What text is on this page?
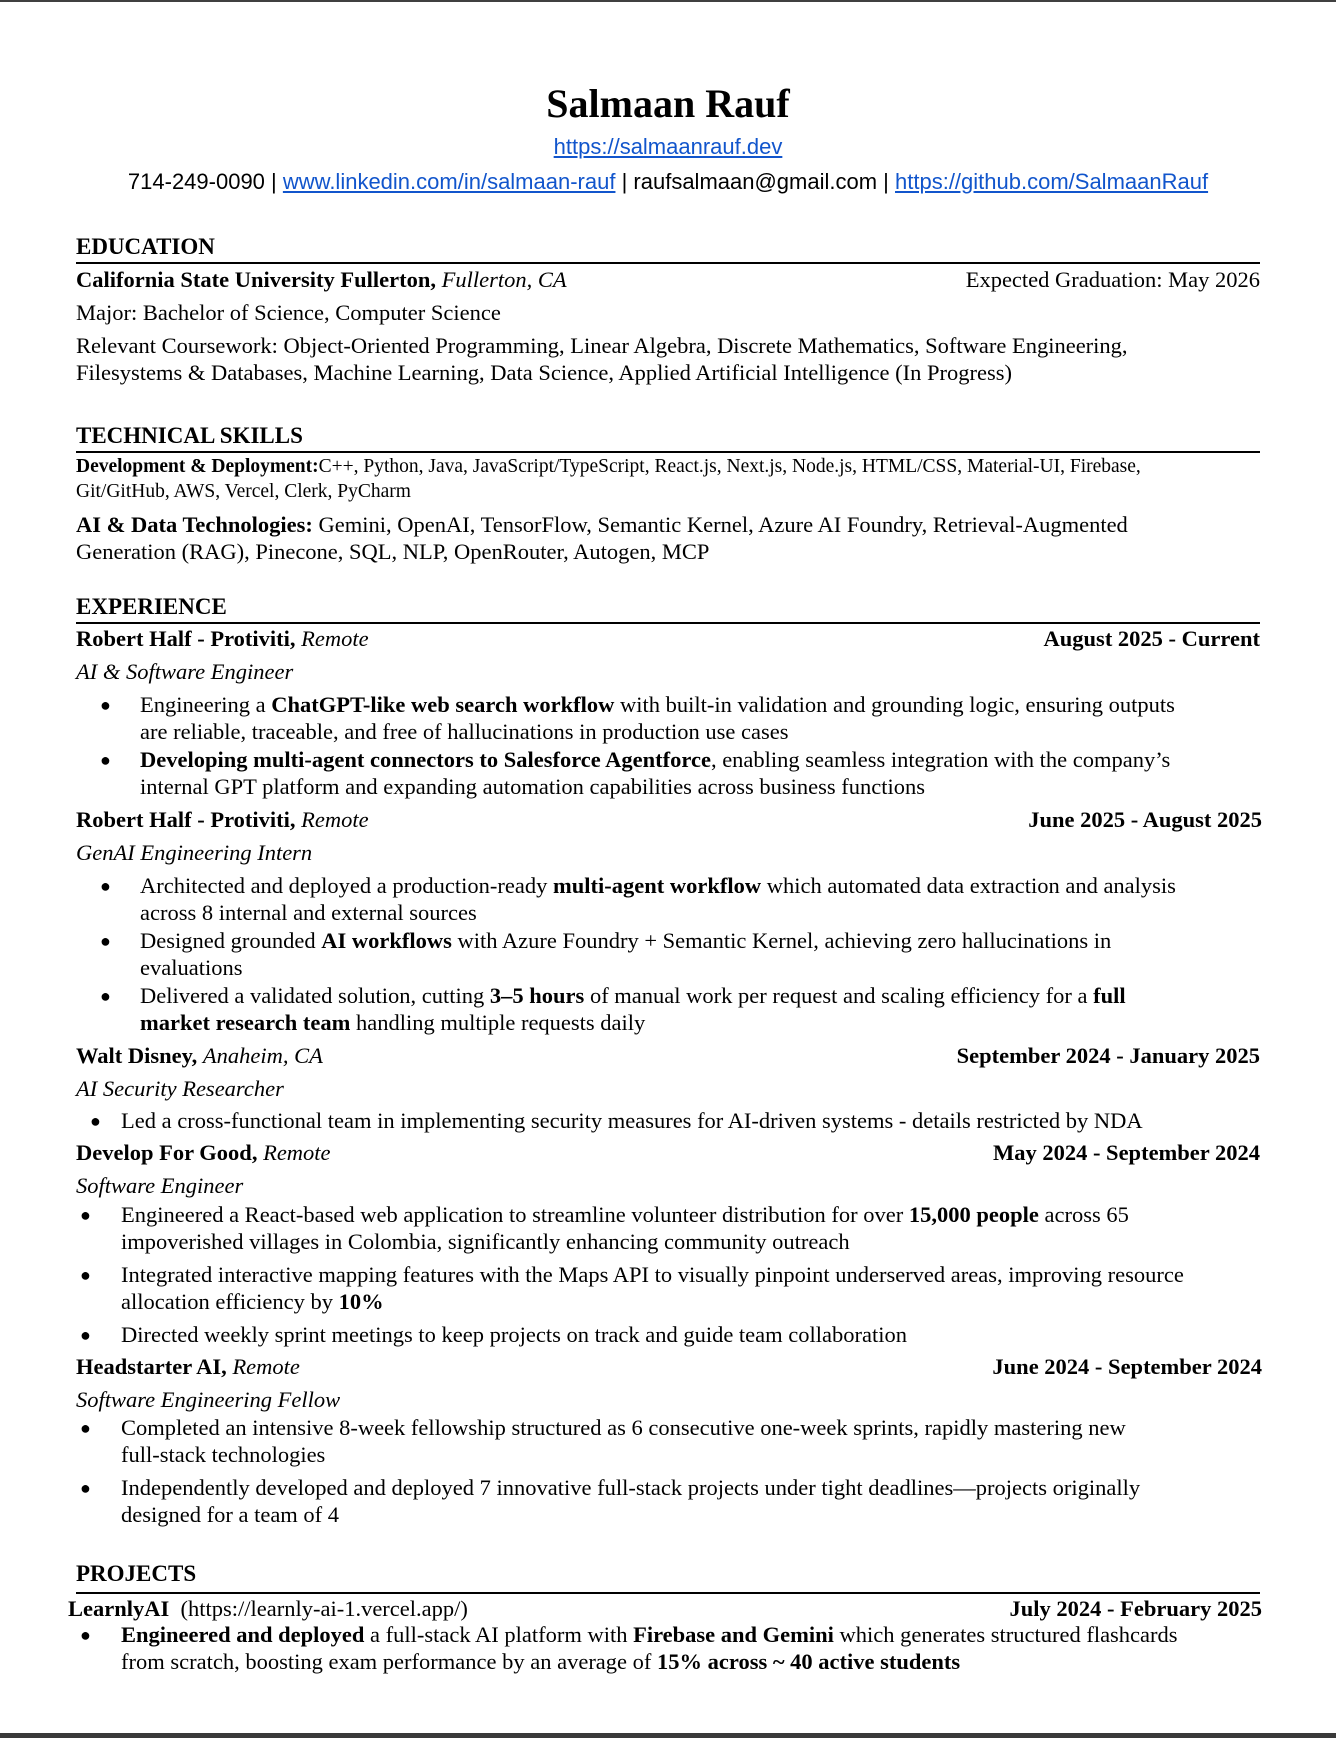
Salmaan Rauf
https://salmaanrauf.dev
714-249-0090 | www.linkedin.com/in/salmaan-rauf | raufsalmaan@gmail.com | https://github.com/SalmaanRauf
EDUCATION
California State University Fullerton, Fullerton, CA	Expected Graduation: May 2026
Major: Bachelor of Science, Computer Science
Relevant Coursework: Object-Oriented Programming, Linear Algebra, Discrete Mathematics, Software Engineering,
Filesystems & Databases, Machine Learning, Data Science, Applied Artificial Intelligence (In Progress)
TECHNICAL SKILLS
Development & Deployment:C++, Python, Java, JavaScript/TypeScript, React.js, Next.js, Node.js, HTML/CSS, Material-UI, Firebase,
Git/GitHub, AWS, Vercel, Clerk, PyCharm
AI & Data Technologies: Gemini, OpenAI, TensorFlow, Semantic Kernel, Azure AI Foundry, Retrieval-Augmented
Generation (RAG), Pinecone, SQL, NLP, OpenRouter, Autogen, MCP
EXPERIENCE
Robert Half - Protiviti, Remote	August 2025 - Current
AI & Software Engineer
● Engineering a ChatGPT-like web search workflow with built-in validation and grounding logic, ensuring outputs
are reliable, traceable, and free of hallucinations in production use cases
● Developing multi-agent connectors to Salesforce Agentforce, enabling seamless integration with the company’s
internal GPT platform and expanding automation capabilities across business functions
Robert Half - Protiviti, Remote	June 2025 - August 2025
GenAI Engineering Intern
● Architected and deployed a production-ready multi-agent workflow which automated data extraction and analysis
across 8 internal and external sources
● Designed grounded AI workflows with Azure Foundry + Semantic Kernel, achieving zero hallucinations in
evaluations
● Delivered a validated solution, cutting 3–5 hours of manual work per request and scaling efficiency for a full
market research team handling multiple requests daily
Walt Disney, Anaheim, CA	September 2024 - January 2025
AI Security Researcher
● Led a cross-functional team in implementing security measures for AI-driven systems - details restricted by NDA
Develop For Good, Remote	May 2024 - September 2024
Software Engineer
● Engineered a React-based web application to streamline volunteer distribution for over 15,000 people across 65
impoverished villages in Colombia, significantly enhancing community outreach
● Integrated interactive mapping features with the Maps API to visually pinpoint underserved areas, improving resource
allocation efficiency by 10%
● Directed weekly sprint meetings to keep projects on track and guide team collaboration
Headstarter AI, Remote	June 2024 - September 2024
Software Engineering Fellow
● Completed an intensive 8‑week fellowship structured as 6 consecutive one‑week sprints, rapidly mastering new
full‑stack technologies
● Independently developed and deployed 7 innovative full‑stack projects under tight deadlines—projects originally
designed for a team of 4
PROJECTS
LearnlyAI  (https://learnly-ai-1.vercel.app/)	July 2024 - February 2025
● Engineered and deployed a full-stack AI platform with Firebase and Gemini which generates structured flashcards
from scratch, boosting exam performance by an average of 15% across ~ 40 active students
